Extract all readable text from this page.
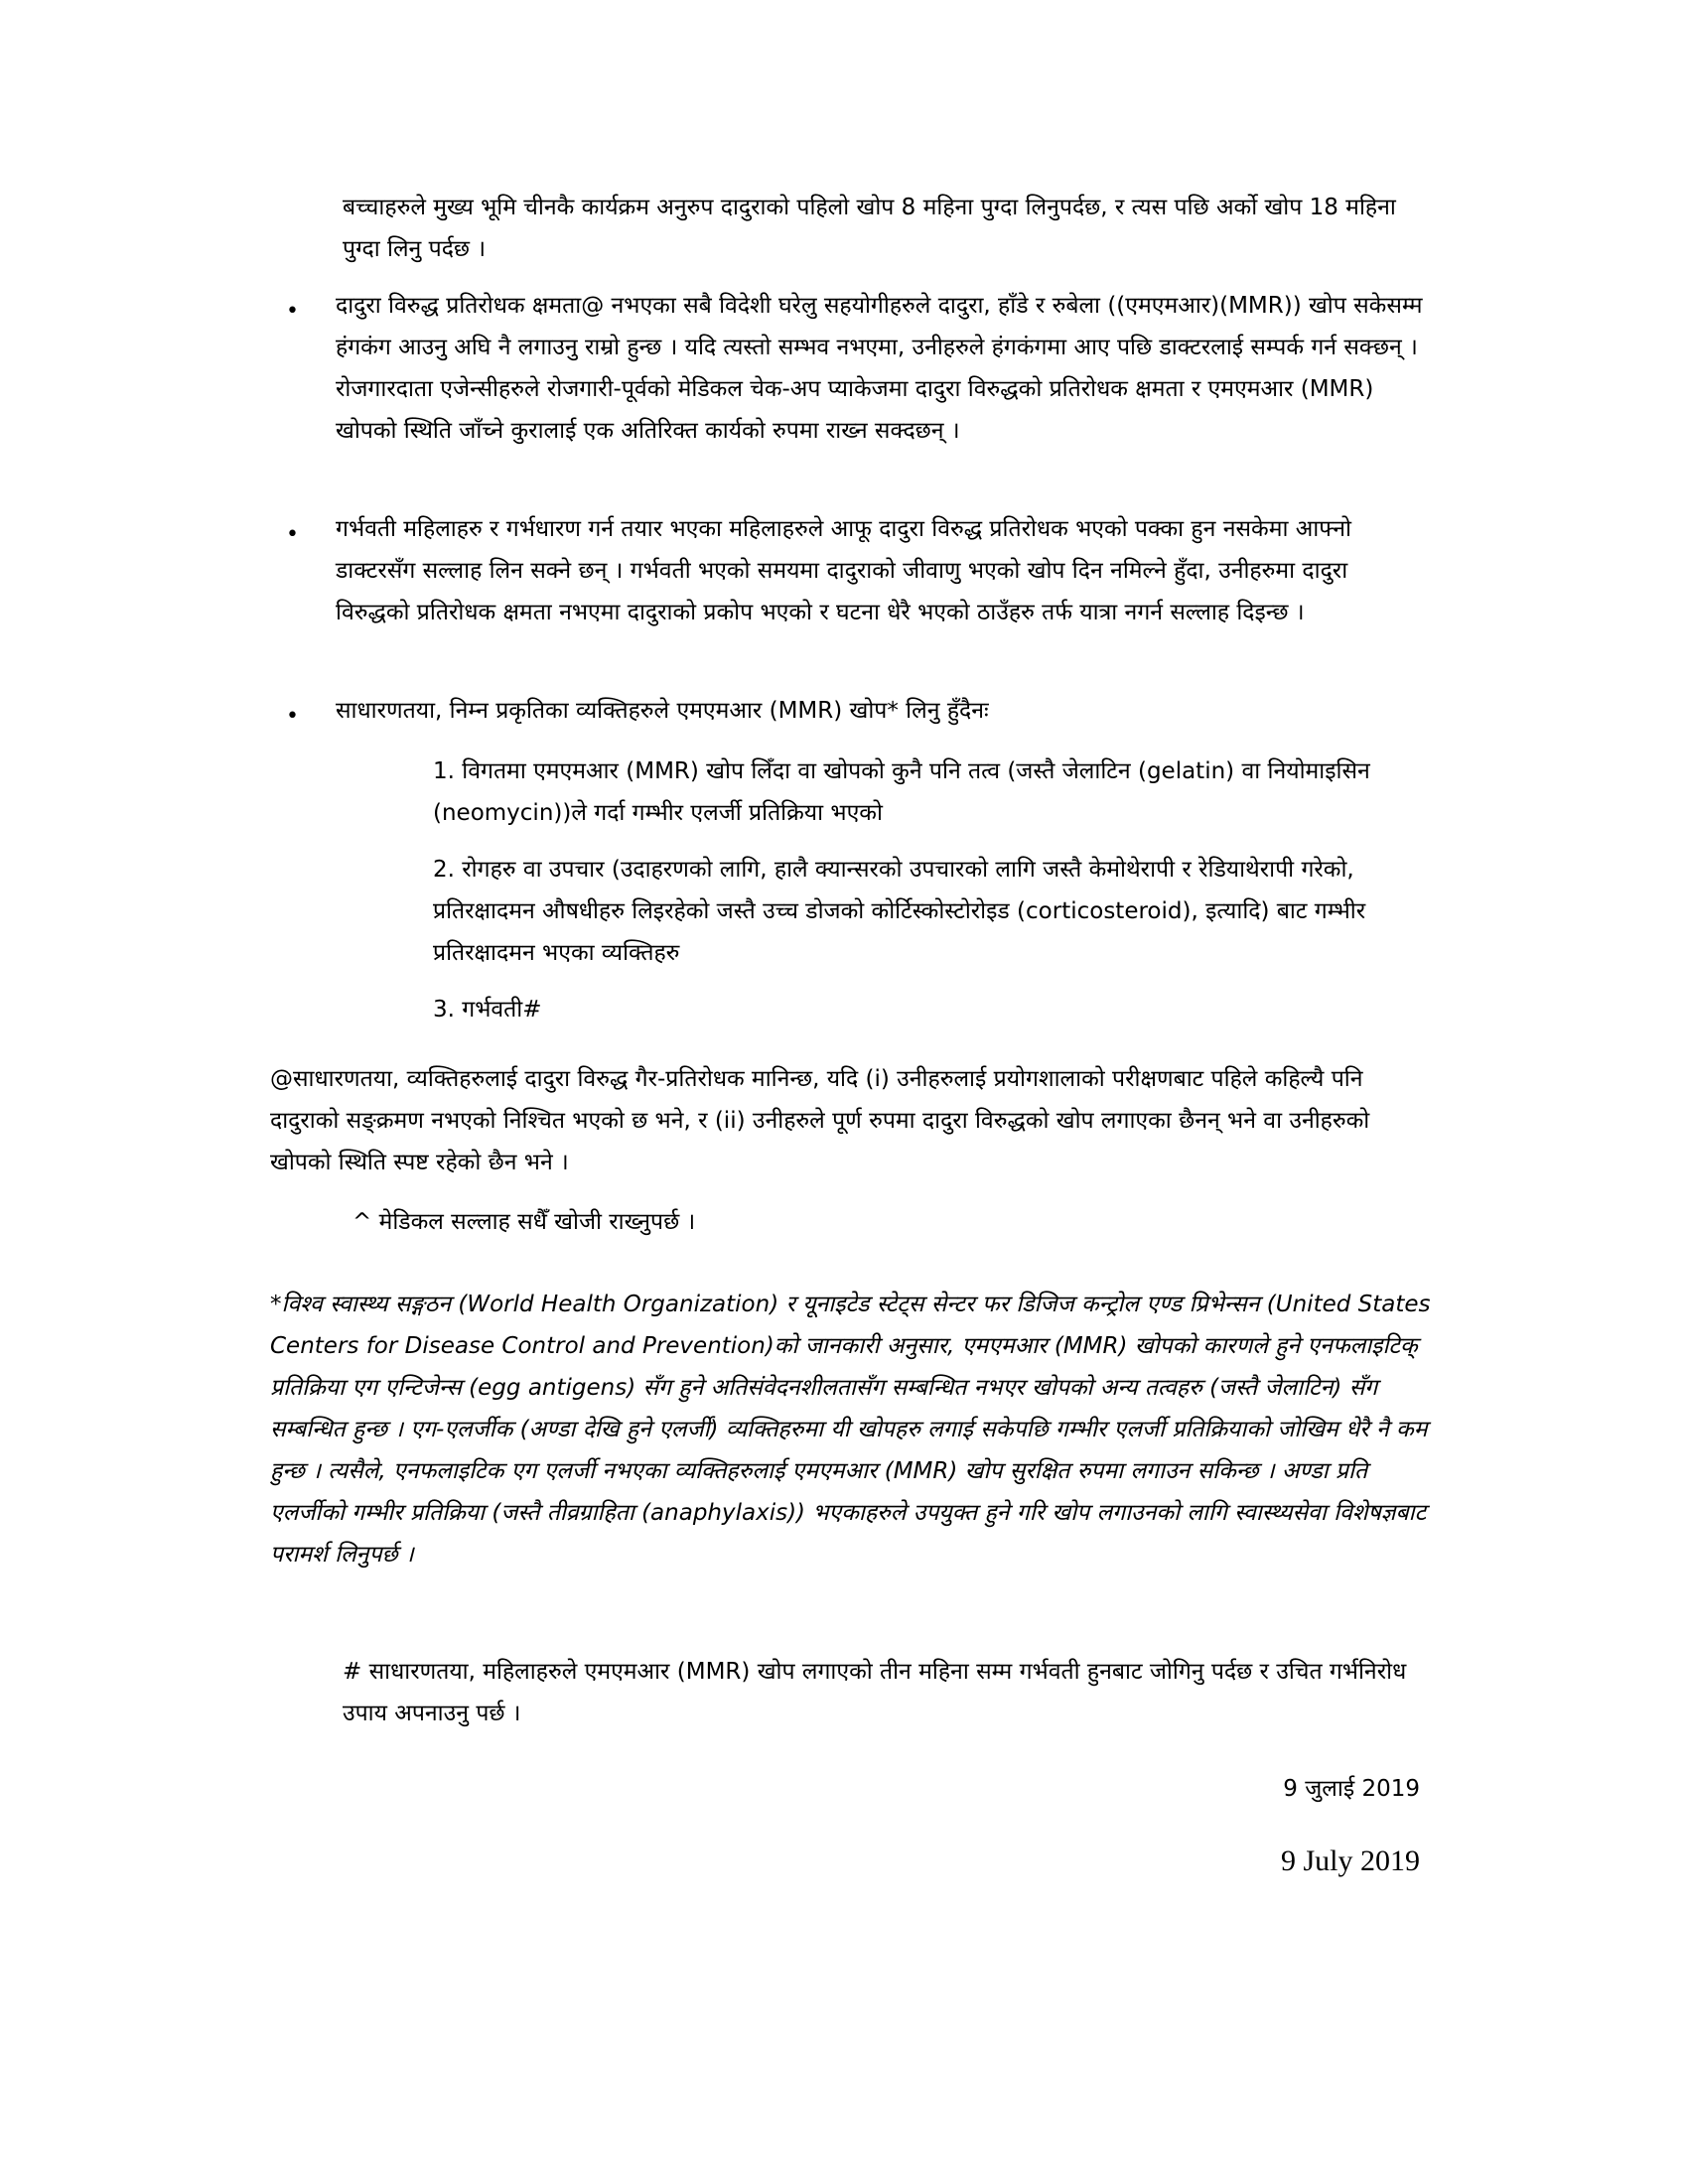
बच्चाहरुले मुख्य भूमि चीनकै कार्यक्रम अनुरुप दादुराको पहिलो खोप 8 महिना पुग्दा लिनुपर्दछ, र त्यस पछि अर्को खोप 18 महिना पुग्दा लिनु पर्दछ ।

• दादुरा विरुद्ध प्रतिरोधक क्षमता@ नभएका सबै विदेशी घरेलु सहयोगीहरुले दादुरा, हाँडे र रुबेला ((एमएमआर)(MMR)) खोप सकेसम्म हंगकंग आउनु अघि नै लगाउनु राम्रो हुन्छ । यदि त्यस्तो सम्भव नभएमा, उनीहरुले हंगकंगमा आए पछि डाक्टरलाई सम्पर्क गर्न सक्छन् । रोजगारदाता एजेन्सीहरुले रोजगारी-पूर्वको मेडिकल चेक-अप प्याकेजमा दादुरा विरुद्धको प्रतिरोधक क्षमता र एमएमआर (MMR) खोपको स्थिति जाँच्ने कुरालाई एक अतिरिक्त कार्यको रुपमा राख्न सक्दछन् ।

• गर्भवती महिलाहरु र गर्भधारण गर्न तयार भएका महिलाहरुले आफू दादुरा विरुद्ध प्रतिरोधक भएको पक्का हुन नसकेमा आफ्नो डाक्टरसँग सल्लाह लिन सक्ने छन् । गर्भवती भएको समयमा दादुराको जीवाणु भएको खोप दिन नमिल्ने हुँदा, उनीहरुमा दादुरा विरुद्धको प्रतिरोधक क्षमता नभएमा दादुराको प्रकोप भएको र घटना धेरै भएको ठाउँहरु तर्फ यात्रा नगर्न सल्लाह दिइन्छ ।

• साधारणतया, निम्न प्रकृतिका व्यक्तिहरुले एमएमआर (MMR) खोप* लिनु हुँदैनः

1. विगतमा एमएमआर (MMR) खोप लिँदा वा खोपको कुनै पनि तत्व (जस्तै जेलाटिन (gelatin) वा नियोमाइसिन (neomycin))ले गर्दा गम्भीर एलर्जी प्रतिक्रिया भएको

2. रोगहरु वा उपचार (उदाहरणको लागि, हालै क्यान्सरको उपचारको लागि जस्तै केमोथेरापी र रेडियाथेरापी गरेको, प्रतिरक्षादमन औषधीहरु लिइरहेको जस्तै उच्च डोजको कोर्टिस्कोस्टोरोइड (corticosteroid), इत्यादि) बाट गम्भीर प्रतिरक्षादमन भएका व्यक्तिहरु

3. गर्भवती#

@साधारणतया, व्यक्तिहरुलाई दादुरा विरुद्ध गैर-प्रतिरोधक मानिन्छ, यदि (i) उनीहरुलाई प्रयोगशालाको परीक्षणबाट पहिले कहिल्यै पनि दादुराको सङ्क्रमण नभएको निश्चित भएको छ भने, र (ii) उनीहरुले पूर्ण रुपमा दादुरा विरुद्धको खोप लगाएका छैनन् भने वा उनीहरुको खोपको स्थिति स्पष्ट रहेको छैन भने ।

^ मेडिकल सल्लाह सधैँ खोजी राख्नुपर्छ ।

*विश्व स्वास्थ्य सङ्गठन (World Health Organization) र यूनाइटेड स्टेट्स सेन्टर फर डिजिज कन्ट्रोल एण्ड प्रिभेन्सन (United States Centers for Disease Control and Prevention)को जानकारी अनुसार, एमएमआर (MMR) खोपको कारणले हुने एनफलाइटिक् प्रतिक्रिया एग एन्टिजेन्स (egg antigens) सँग हुने अतिसंवेदनशीलतासँग सम्बन्धित नभएर खोपको अन्य तत्वहरु (जस्तै जेलाटिन) सँग सम्बन्धित हुन्छ । एग-एलर्जीक (अण्डा देखि हुने एलर्जी) व्यक्तिहरुमा यी खोपहरु लगाई सकेपछि गम्भीर एलर्जी प्रतिक्रियाको जोखिम धेरै नै कम हुन्छ । त्यसैले, एनफलाइटिक एग एलर्जी नभएका व्यक्तिहरुलाई एमएमआर (MMR) खोप सुरक्षित रुपमा लगाउन सकिन्छ । अण्डा प्रति एलर्जीको गम्भीर प्रतिक्रिया (जस्तै तीव्रग्राहिता (anaphylaxis)) भएकाहरुले उपयुक्त हुने गरि खोप लगाउनको लागि स्वास्थ्यसेवा विशेषज्ञबाट परामर्श लिनुपर्छ ।

# साधारणतया, महिलाहरुले एमएमआर (MMR) खोप लगाएको तीन महिना सम्म गर्भवती हुनबाट जोगिनु पर्दछ र उचित गर्भनिरोध उपाय अपनाउनु पर्छ ।

9 जुलाई 2019
9 July 2019
